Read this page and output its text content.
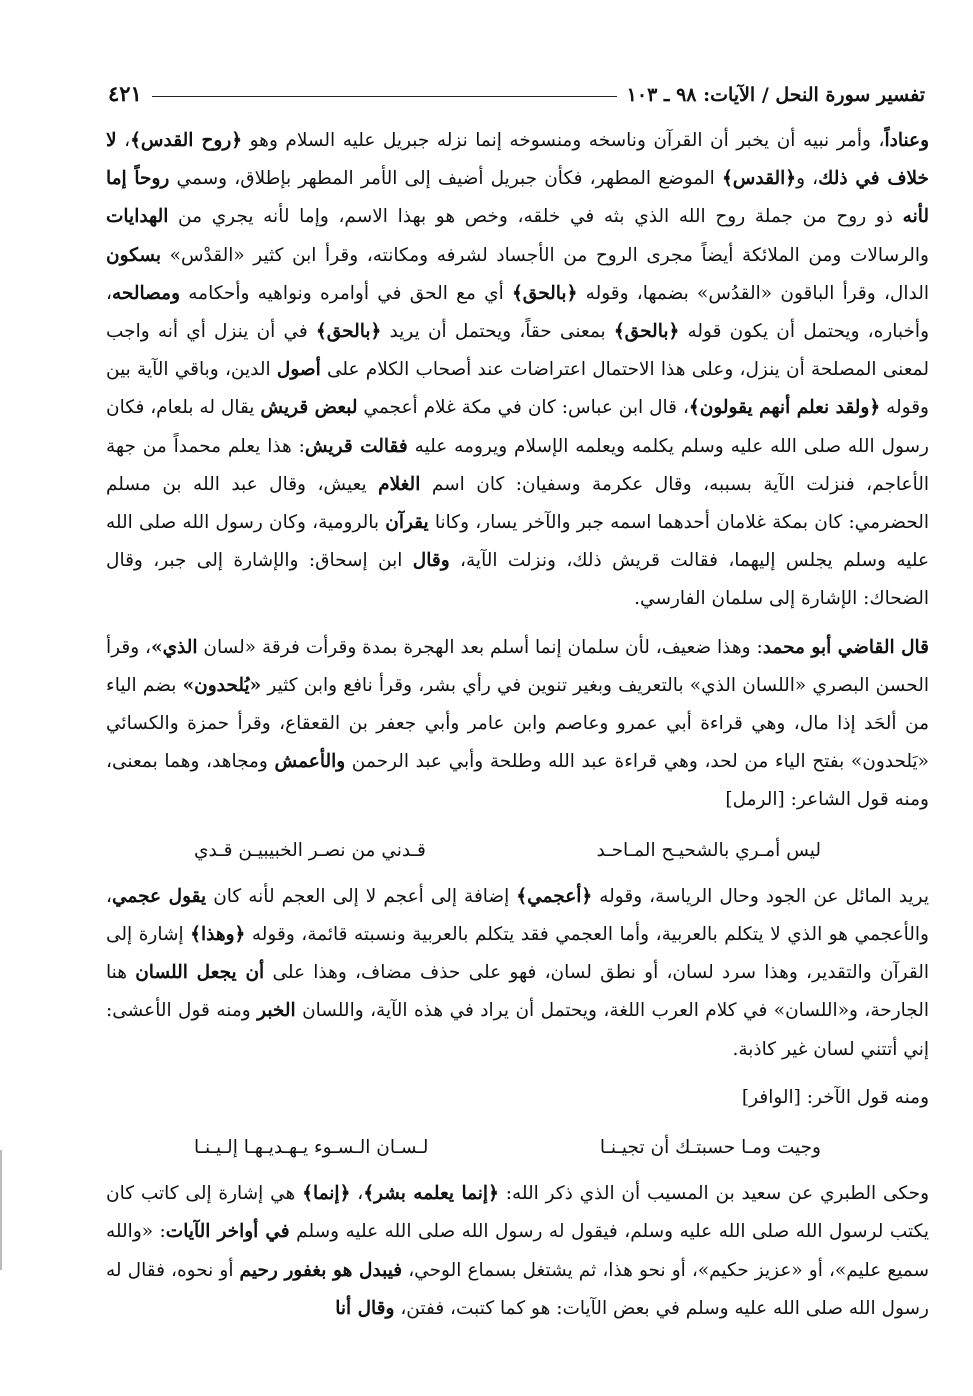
تفسير سورة النحل / الآيات: ٩٨ ـ ١٠٣
٤٢١

وعناداً، وأمر نبيه أن يخبر أن القرآن وناسخه ومنسوخه إنما نزله جبريل عليه السلام وهو ﴿روح القدس﴾، لا خلاف في ذلك، و﴿القدس﴾ الموضع المطهر، فكأن جبريل أضيف إلى الأمر المطهر بإطلاق، وسمي روحاً إما لأنه ذو روح من جملة روح الله الذي بثه في خلقه، وخص هو بهذا الاسم، وإما لأنه يجري من الهدايات والرسالات ومن الملائكة أيضاً مجرى الروح من الأجساد لشرفه ومكانته، وقرأ ابن كثير «القدْس» بسكون الدال، وقرأ الباقون «القدُس» بضمها، وقوله ﴿بالحق﴾ أي مع الحق في أوامره ونواهيه وأحكامه ومصالحه، وأخباره، ويحتمل أن يكون قوله ﴿بالحق﴾ بمعنى حقاً، ويحتمل أن يريد ﴿بالحق﴾ في أن ينزل أي أنه واجب لمعنى المصلحة أن ينزل، وعلى هذا الاحتمال اعتراضات عند أصحاب الكلام على أصول الدين، وباقي الآية بين وقوله ﴿ولقد نعلم أنهم يقولون﴾، قال ابن عباس: كان في مكة غلام أعجمي لبعض قريش يقال له بلعام، فكان رسول الله صلى الله عليه وسلم يكلمه ويعلمه الإسلام ويرومه عليه فقالت قريش: هذا يعلم محمداً من جهة الأعاجم، فنزلت الآية بسببه، وقال عكرمة وسفيان: كان اسم الغلام يعيش، وقال عبد الله بن مسلم الحضرمي: كان بمكة غلامان أحدهما اسمه جبر والآخر يسار، وكانا يقرآن بالرومية، وكان رسول الله صلى الله عليه وسلم يجلس إليهما، فقالت قريش ذلك، ونزلت الآية، وقال ابن إسحاق: والإشارة إلى جبر، وقال الضحاك: الإشارة إلى سلمان الفارسي.

قال القاضي أبو محمد: وهذا ضعيف، لأن سلمان إنما أسلم بعد الهجرة بمدة وقرأت فرقة «لسان الذي»، وقرأ الحسن البصري «اللسان الذي» بالتعريف وبغير تنوين في رأي بشر، وقرأ نافع وابن كثير «يُلحدون» بضم الياء من ألحَد إذا مال، وهي قراءة أبي عمرو وعاصم وابن عامر وأبي جعفر بن القعقاع، وقرأ حمزة والكسائي «يَلحدون» بفتح الياء من لحد، وهي قراءة عبد الله وطلحة وأبي عبد الرحمن والأعمش ومجاهد، وهما بمعنى، ومنه قول الشاعر: [الرمل]

ليس أمـري بالشحيـح المـاحـد
قـدني من نصـر الخبيبيـن قـدي

يريد المائل عن الجود وحال الرياسة، وقوله ﴿أعجمي﴾ إضافة إلى أعجم لا إلى العجم لأنه كان يقول عجمي، والأعجمي هو الذي لا يتكلم بالعربية، وأما العجمي فقد يتكلم بالعربية ونسبته قائمة، وقوله ﴿وهذا﴾ إشارة إلى القرآن والتقدير، وهذا سرد لسان، أو نطق لسان، فهو على حذف مضاف، وهذا على أن يجعل اللسان هنا الجارحة، و«اللسان» في كلام العرب اللغة، ويحتمل أن يراد في هذه الآية، واللسان الخبر ومنه قول الأعشى: إني أتتني لسان غير كاذبة.

ومنه قول الآخر: [الوافر]

وجيت ومـا حسبتـك أن تجيـنـا
لـسـان الـسـوء يـهـديـهـا إلـيـنـا

وحكى الطبري عن سعيد بن المسيب أن الذي ذكر الله: ﴿إنما يعلمه بشر﴾، ﴿إنما﴾ هي إشارة إلى كاتب كان يكتب لرسول الله صلى الله عليه وسلم، فيقول له رسول الله صلى الله عليه وسلم في أواخر الآيات: «والله سميع عليم»، أو «عزيز حكيم»، أو نحو هذا، ثم يشتغل بسماع الوحي، فيبدل هو بغفور رحيم أو نحوه، فقال له رسول الله صلى الله عليه وسلم في بعض الآيات: هو كما كتبت، ففتن، وقال أنا
